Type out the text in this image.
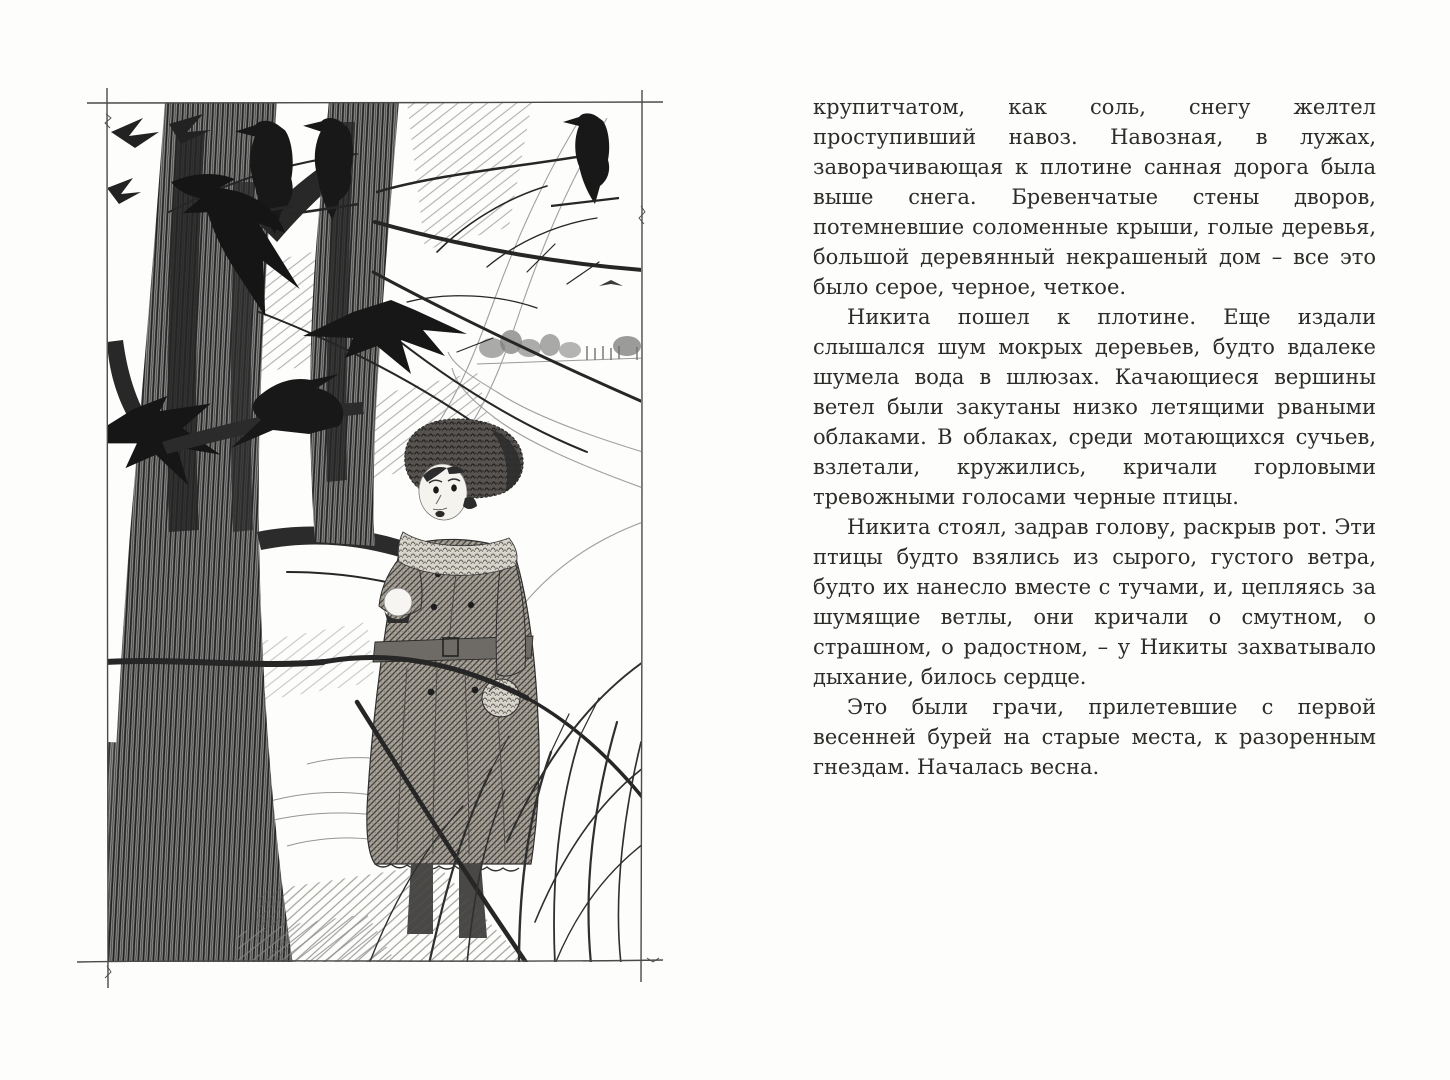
крупитчатом, как соль, снегу желтел проступивший навоз. Навозная, в лужах, заворачивающая к плотине санная дорога была выше снега. Бревенчатые стены дворов, потемневшие соломенные крыши, голые деревья, большой деревянный некрашеный дом – все это было серое, черное, четкое.

Никита пошел к плотине. Еще издали слышался шум мокрых деревьев, будто вдалеке шумела вода в шлюзах. Качающиеся вершины ветел были закутаны низко летящими рваными облаками. В облаках, среди мотающихся сучьев, взлетали, кружились, кричали горловыми тревожными голосами черные птицы.

Никита стоял, задрав голову, раскрыв рот. Эти птицы будто взялись из сырого, густого ветра, будто их нанесло вместе с тучами, и, цепляясь за шумящие ветлы, они кричали о смутном, о страшном, о радостном, – у Никиты захватывало дыхание, билось сердце.

Это были грачи, прилетевшие с первой весенней бурей на старые места, к разоренным гнездам. Началась весна.
